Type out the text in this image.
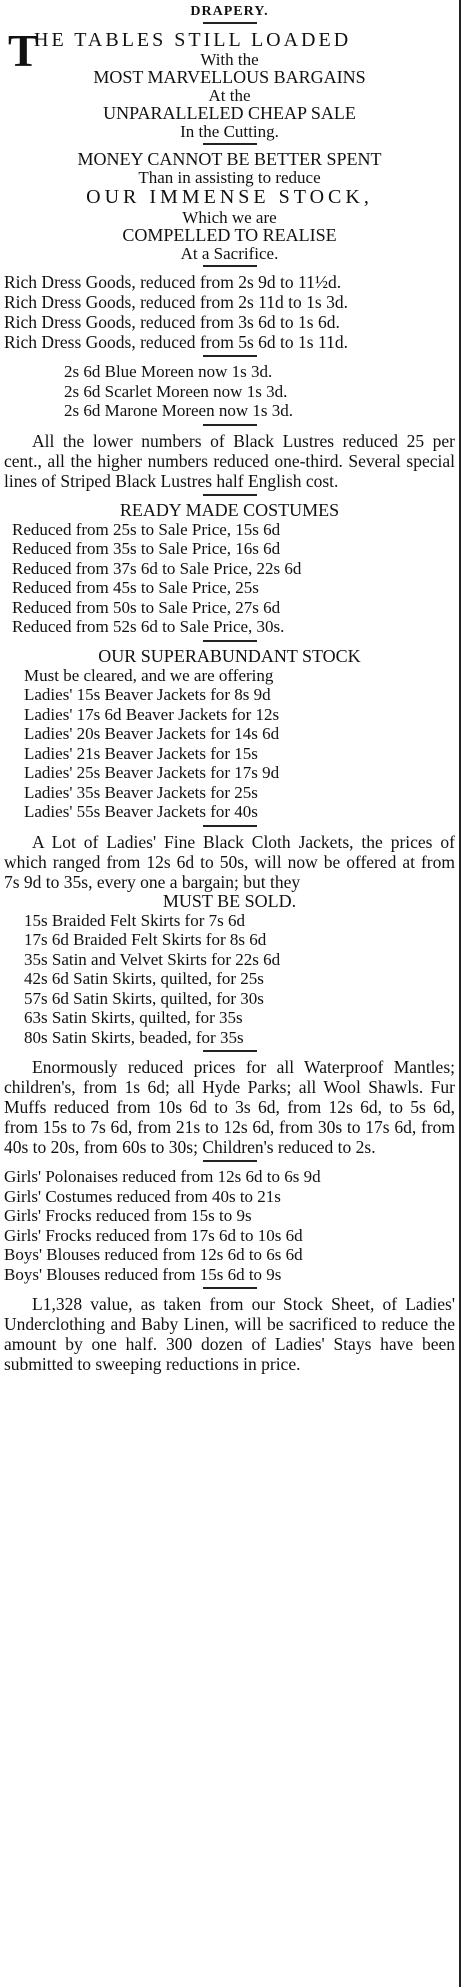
DRAPERY.
T
HE TABLES STILL LOADED
With the
MOST MARVELLOUS BARGAINS
At the
UNPARALLELED CHEAP SALE
In the Cutting.
MONEY CANNOT BE BETTER SPENT
Than in assisting to reduce
OUR IMMENSE STOCK,
Which we are
COMPELLED TO REALISE
At a Sacrifice.

Rich Dress Goods, reduced from 2s 9d to 11½d.

Rich Dress Goods, reduced from 2s 11d to 1s 3d.

Rich Dress Goods, reduced from 3s 6d to 1s 6d.

Rich Dress Goods, reduced from 5s 6d to 1s 11d.

2s 6d Blue Moreen now 1s 3d.
2s 6d Scarlet Moreen now 1s 3d.
2s 6d Marone Moreen now 1s 3d.
All the lower numbers of Black Lustres reduced 25 per cent., all the higher numbers reduced one-third. Several special lines of Striped Black Lustres half English cost.
READY MADE COSTUMES
Reduced from 25s to Sale Price, 15s 6d
Reduced from 35s to Sale Price, 16s 6d
Reduced from 37s 6d to Sale Price, 22s 6d
Reduced from 45s to Sale Price, 25s
Reduced from 50s to Sale Price, 27s 6d
Reduced from 52s 6d to Sale Price, 30s.
OUR SUPERABUNDANT STOCK
Must be cleared, and we are offering
Ladies' 15s Beaver Jackets for 8s 9d
Ladies' 17s 6d Beaver Jackets for 12s
Ladies' 20s Beaver Jackets for 14s 6d
Ladies' 21s Beaver Jackets for 15s
Ladies' 25s Beaver Jackets for 17s 9d
Ladies' 35s Beaver Jackets for 25s
Ladies' 55s Beaver Jackets for 40s
A Lot of Ladies' Fine Black Cloth Jackets, the prices of which ranged from 12s 6d to 50s, will now be offered at from 7s 9d to 35s, every one a bargain; but they
MUST BE SOLD.
15s Braided Felt Skirts for 7s 6d
17s 6d Braided Felt Skirts for 8s 6d
35s Satin and Velvet Skirts for 22s 6d
42s 6d Satin Skirts, quilted, for 25s
57s 6d Satin Skirts, quilted, for 30s
63s Satin Skirts, quilted, for 35s
80s Satin Skirts, beaded, for 35s
Enormously reduced prices for all Waterproof Mantles; children's, from 1s 6d; all Hyde Parks; all Wool Shawls. Fur Muffs reduced from 10s 6d to 3s 6d, from 12s 6d, to 5s 6d, from 15s to 7s 6d, from 21s to 12s 6d, from 30s to 17s 6d, from 40s to 20s, from 60s to 30s; Children's reduced to 2s.
Girls' Polonaises reduced from 12s 6d to 6s 9d
Girls' Costumes reduced from 40s to 21s
Girls' Frocks reduced from 15s to 9s
Girls' Frocks reduced from 17s 6d to 10s 6d
Boys' Blouses reduced from 12s 6d to 6s 6d
Boys' Blouses reduced from 15s 6d to 9s
L1,328 value, as taken from our Stock Sheet, of Ladies' Underclothing and Baby Linen, will be sacrificed to reduce the amount by one half. 300 dozen of Ladies' Stays have been submitted to sweeping reductions in price.
